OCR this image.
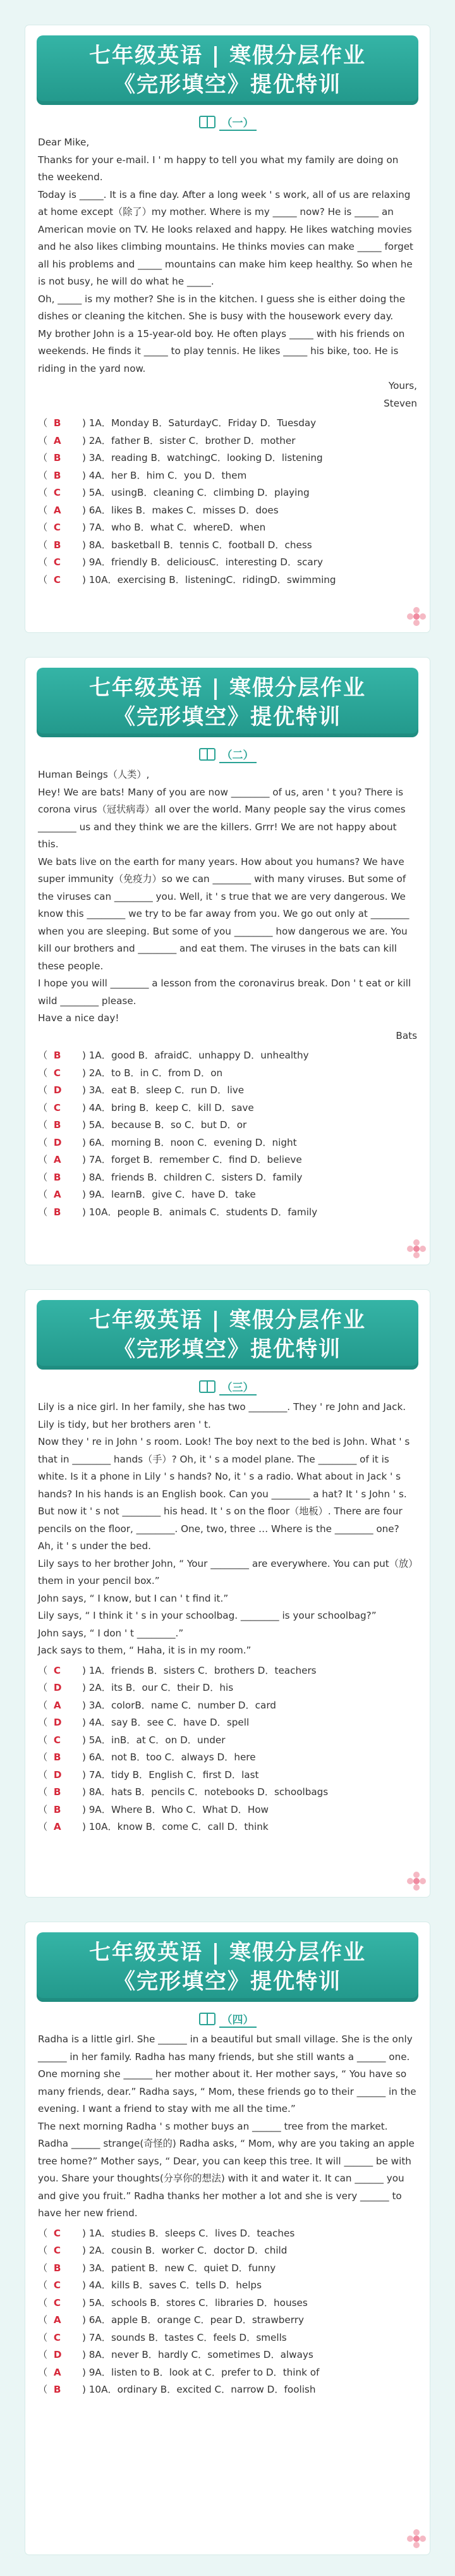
七年级英语 | 寒假分层作业
《完形填空》提优特训
（一）

Dear Mike,

Thanks for your e-mail. I ' m happy to tell you what my family are doing on the weekend.

Today is _____. It is a fine day. After a long week ' s work, all of us are relaxing at home except（除了）my mother. Where is my _____ now? He is _____ an American movie on TV. He looks relaxed and happy. He likes watching movies and he also likes climbing mountains. He thinks movies can make _____ forget all his problems and _____ mountains can make him keep healthy. So when he is not busy, he will do what he _____.

Oh, _____ is my mother? She is in the kitchen. I guess she is either doing the dishes or cleaning the kitchen. She is busy with the housework every day.

My brother John is a 15-year-old boy. He often plays _____ with his friends on weekends. He finds it _____ to play tennis. He likes _____ his bike, too. He is riding in the yard now.

Yours,

Steven

（  B	) 1A．Monday B．SaturdayC．Friday D．Tuesday
（  A	) 2A．father B．sister C．brother D．mother
（  B	) 3A．reading B．watchingC．looking D．listening
（  B	) 4A．her B．him C．you D．them
（  C	) 5A．usingB．cleaning C．climbing D．playing
（  A	) 6A．likes B．makes C．misses D．does
（  C	) 7A．who B．what C．whereD．when
（  B	) 8A．basketball B．tennis C．football D．chess
（  C	) 9A．friendly B．deliciousC．interesting D．scary
（  C	) 10A．exercising B．listeningC．ridingD．swimming
七年级英语 | 寒假分层作业
《完形填空》提优特训
（二）

Human Beings（人类）,

Hey! We are bats! Many of you are now ________ of us, aren ' t you? There is corona virus（冠状病毒）all over the world. Many people say the virus comes ________ us and they think we are the killers. Grrr! We are not happy about this.

We bats live on the earth for many years. How about you humans? We have super immunity（免疫力）so we can ________ with many viruses. But some of the viruses can ________ you. Well, it ' s true that we are very dangerous. We know this ________ we try to be far away from you. We go out only at ________ when you are sleeping. But some of you ________ how dangerous we are. You kill our brothers and ________ and eat them. The viruses in the bats can kill these people.

I hope you will ________ a lesson from the coronavirus break. Don ' t eat or kill wild ________ please.

Have a nice day!

Bats

（  B	) 1A．good B．afraidC．unhappy D．unhealthy
（  C	) 2A．to B．in C．from D．on
（  D	) 3A．eat B．sleep C．run D．live
（  C	) 4A．bring B．keep C．kill D．save
（  B	) 5A．because B．so C．but D．or
（  D	) 6A．morning B．noon C．evening D．night
（  A	) 7A．forget B．remember C．find D．believe
（  B	) 8A．friends B．children C．sisters D．family
（  A	) 9A．learnB．give C．have D．take
（  B	) 10A．people B．animals C．students D．family
七年级英语 | 寒假分层作业
《完形填空》提优特训
（三）

Lily is a nice girl. In her family, she has two ________. They ' re John and Jack. Lily is tidy, but her brothers aren ' t.

Now they ' re in John ' s room. Look! The boy next to the bed is John. What ' s that in ________ hands（手）? Oh, it ' s a model plane. The ________ of it is white. Is it a phone in Lily ' s hands? No, it ' s a radio. What about in Jack ' s hands? In his hands is an English book. Can you ________ a hat? It ' s John ' s. But now it ' s not ________ his head. It ' s on the floor（地板）. There are four pencils on the floor, ________. One, two, three … Where is the ________ one? Ah, it ' s under the bed.

Lily says to her brother John, “ Your ________ are everywhere. You can put（放）them in your pencil box.”

John says, “ I know, but I can ' t find it.”

Lily says, “ I think it ' s in your schoolbag. ________ is your schoolbag?”

John says, “ I don ' t ________.”

Jack says to them, “ Haha, it is in my room.”

（  C	) 1A．friends B．sisters C．brothers D．teachers
（  D	) 2A．its B．our C．their D．his
（  A	) 3A．colorB．name C．number D．card
（  D	) 4A．say B．see C．have D．spell
（  C	) 5A．inB．at C．on D．under
（  B	) 6A．not B．too C．always D．here
（  D	) 7A．tidy B．English C．first D．last
（  B	) 8A．hats B．pencils C．notebooks D．schoolbags
（  B	) 9A．Where B．Who C．What D．How
（  A	) 10A．know B．come C．call D．think
七年级英语 | 寒假分层作业
《完形填空》提优特训
（四）

Radha is a little girl. She ______ in a beautiful but small village. She is the only ______ in her family. Radha has many friends, but she still wants a ______ one.

One morning she ______ her mother about it. Her mother says, “ You have so many friends, dear.” Radha says, “ Mom, these friends go to their ______ in the evening. I want a friend to stay with me all the time.”

The next morning Radha ' s mother buys an ______ tree from the market. Radha ______ strange(奇怪的) Radha asks, “ Mom, why are you taking an apple tree home?” Mother says, “ Dear, you can keep this tree. It will ______ be with you. Share your thoughts(分享你的想法) with it and water it. It can ______ you and give you fruit.” Radha thanks her mother a lot and she is very ______ to have her new friend.

（  C	) 1A．studies B．sleeps C．lives D．teaches
（  C	) 2A．cousin B．worker C．doctor D．child
（  B	) 3A．patient B．new C．quiet D．funny
（  C	) 4A．kills B．saves C．tells D．helps
（  C	) 5A．schools B．stores C．libraries D．houses
（  A	) 6A．apple B．orange C．pear D．strawberry
（  C	) 7A．sounds B．tastes C．feels D．smells
（  D	) 8A．never B．hardly C．sometimes D．always
（  A	) 9A．listen to B．look at C．prefer to D．think of
（  B	) 10A．ordinary B．excited C．narrow D．foolish
